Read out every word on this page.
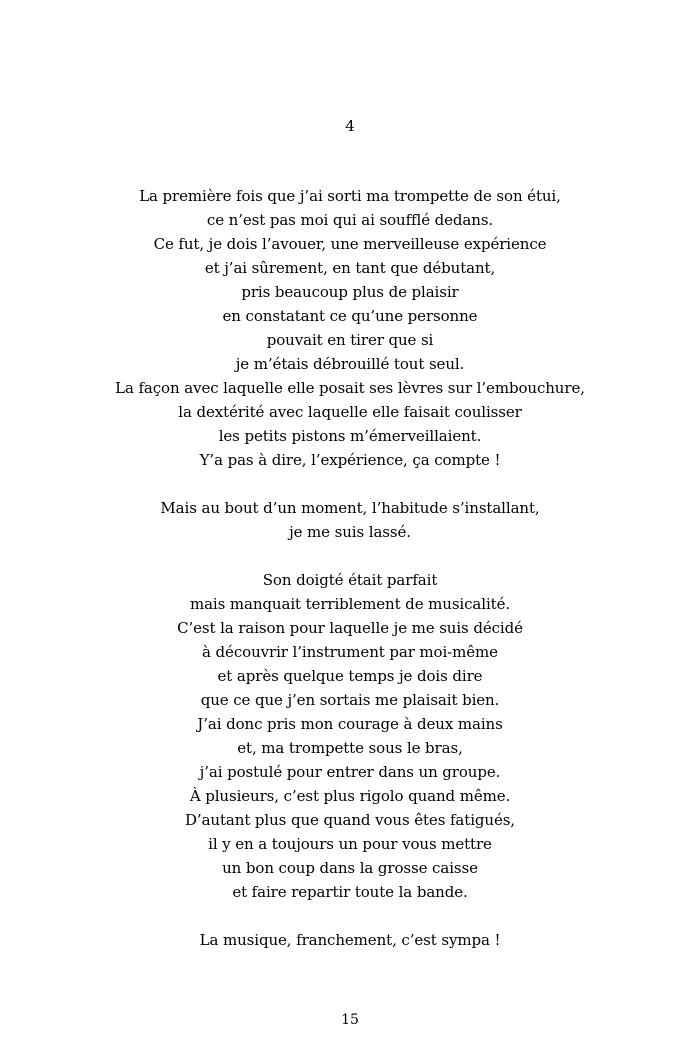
4
La première fois que j’ai sorti ma trompette de son étui,
ce n’est pas moi qui ai soufflé dedans.
Ce fut, je dois l’avouer, une merveilleuse expérience
et j’ai sûrement, en tant que débutant,
pris beaucoup plus de plaisir
en constatant ce qu’une personne
pouvait en tirer que si
je m’étais débrouillé tout seul.
La façon avec laquelle elle posait ses lèvres sur l’embouchure,
la dextérité avec laquelle elle faisait coulisser
les petits pistons m’émerveillaient.
Y’a pas à dire, l’expérience, ça compte !
Mais au bout d’un moment, l’habitude s’installant,
je me suis lassé.
Son doigté était parfait
mais manquait terriblement de musicalité.
C’est la raison pour laquelle je me suis décidé
à découvrir l’instrument par moi-même
et après quelque temps je dois dire
que ce que j’en sortais me plaisait bien.
J’ai donc pris mon courage à deux mains
et, ma trompette sous le bras,
j’ai postulé pour entrer dans un groupe.
À plusieurs, c’est plus rigolo quand même.
D’autant plus que quand vous êtes fatigués,
il y en a toujours un pour vous mettre
un bon coup dans la grosse caisse
et faire repartir toute la bande.
La musique, franchement, c’est sympa !
15
